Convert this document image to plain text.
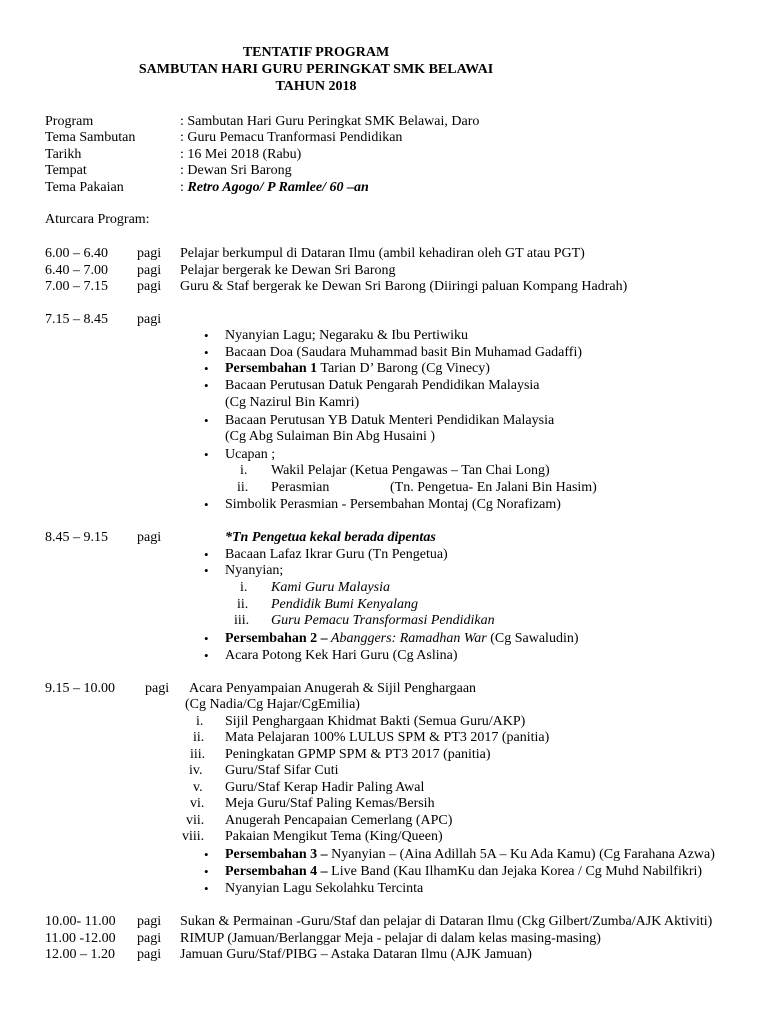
TENTATIF PROGRAM
SAMBUTAN HARI GURU PERINGKAT SMK BELAWAI
TAHUN 2018
Program	: Sambutan Hari Guru Peringkat SMK Belawai, Daro
Tema Sambutan	: Guru Pemacu Tranformasi Pendidikan
Tarikh	: 16 Mei 2018 (Rabu)
Tempat	: Dewan Sri Barong
Tema Pakaian	: Retro Agogo/ P Ramlee/ 60 –an
Aturcara Program:
6.00 – 6.40 pagi Pelajar berkumpul di Dataran Ilmu (ambil kehadiran oleh GT atau PGT)
6.40 – 7.00 pagi Pelajar bergerak ke Dewan Sri Barong
7.00 – 7.15 pagi Guru & Staf bergerak ke Dewan Sri Barong (Diiringi paluan Kompang Hadrah)
7.15 – 8.45 pagi
• Nyanyian Lagu; Negaraku & Ibu Pertiwiku
• Bacaan Doa (Saudara Muhammad basit Bin Muhamad Gadaffi)
• Persembahan 1 Tarian D’ Barong (Cg Vinecy)
• Bacaan Perutusan Datuk Pengarah Pendidikan Malaysia
(Cg Nazirul Bin Kamri)
• Bacaan Perutusan YB Datuk Menteri Pendidikan Malaysia
(Cg Abg Sulaiman Bin Abg Husaini )
• Ucapan ;
i. Wakil Pelajar (Ketua Pengawas – Tan Chai Long)
ii. Perasmian	(Tn. Pengetua- En Jalani Bin Hasim)
• Simbolik Perasmian - Persembahan Montaj (Cg Norafizam)
8.45 – 9.15 pagi	*Tn Pengetua kekal berada dipentas
• Bacaan Lafaz Ikrar Guru (Tn Pengetua)
• Nyanyian;
i. Kami Guru Malaysia
ii. Pendidik Bumi Kenyalang
iii. Guru Pemacu Transformasi Pendidikan
• Persembahan 2 – Abanggers: Ramadhan War (Cg Sawaludin)
• Acara Potong Kek Hari Guru (Cg Aslina)
9.15 – 10.00 pagi Acara Penyampaian Anugerah & Sijil Penghargaan
(Cg Nadia/Cg Hajar/CgEmilia)
i. Sijil Penghargaan Khidmat Bakti (Semua Guru/AKP)
ii. Mata Pelajaran 100% LULUS SPM & PT3 2017 (panitia)
iii. Peningkatan GPMP SPM & PT3 2017 (panitia)
iv. Guru/Staf Sifar Cuti
v. Guru/Staf Kerap Hadir Paling Awal
vi. Meja Guru/Staf Paling Kemas/Bersih
vii. Anugerah Pencapaian Cemerlang (APC)
viii. Pakaian Mengikut Tema (King/Queen)
• Persembahan 3 – Nyanyian – (Aina Adillah 5A – Ku Ada Kamu) (Cg Farahana Azwa)
• Persembahan 4 – Live Band (Kau IlhamKu dan Jejaka Korea / Cg Muhd Nabilfikri)
• Nyanyian Lagu Sekolahku Tercinta
10.00- 11.00 pagi Sukan & Permainan -Guru/Staf dan pelajar di Dataran Ilmu (Ckg Gilbert/Zumba/AJK Aktiviti)
11.00 -12.00 pagi RIMUP (Jamuan/Berlanggar Meja - pelajar di dalam kelas masing-masing)
12.00 – 1.20 pagi Jamuan Guru/Staf/PIBG – Astaka Dataran Ilmu (AJK Jamuan)
